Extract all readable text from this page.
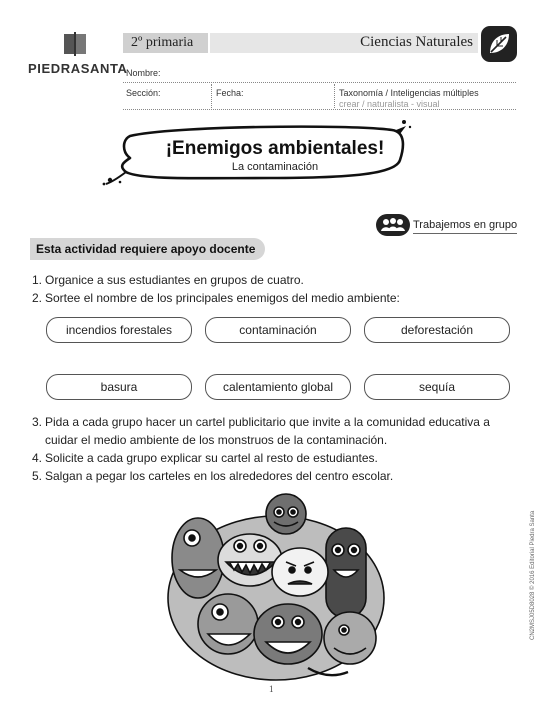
PIEDRASANTA
2º primaria	Ciencias Naturales
Nombre:
Sección:	Fecha:	Taxonomía / Inteligencias múltiples
crear / naturalista - visual
¡Enemigos ambientales!
La contaminación
Trabajemos en grupo
Esta actividad requiere apoyo docente
1. Organice a sus estudiantes en grupos de cuatro.
2. Sortee el nombre de los principales enemigos del medio ambiente:
incendios forestales	contaminación	deforestación
basura	calentamiento global	sequía
3. Pida a cada grupo hacer un cartel publicitario que invite a la comunidad educativa a
cuidar el medio ambiente de los monstruos de la contaminación.
4. Solicite a cada grupo explicar su cartel al resto de estudiantes.
5. Salgan a pegar los carteles en los alrededores del centro escolar.
1
CN2MSJ05D8028 © 2016 Editorial Piedra Santa
